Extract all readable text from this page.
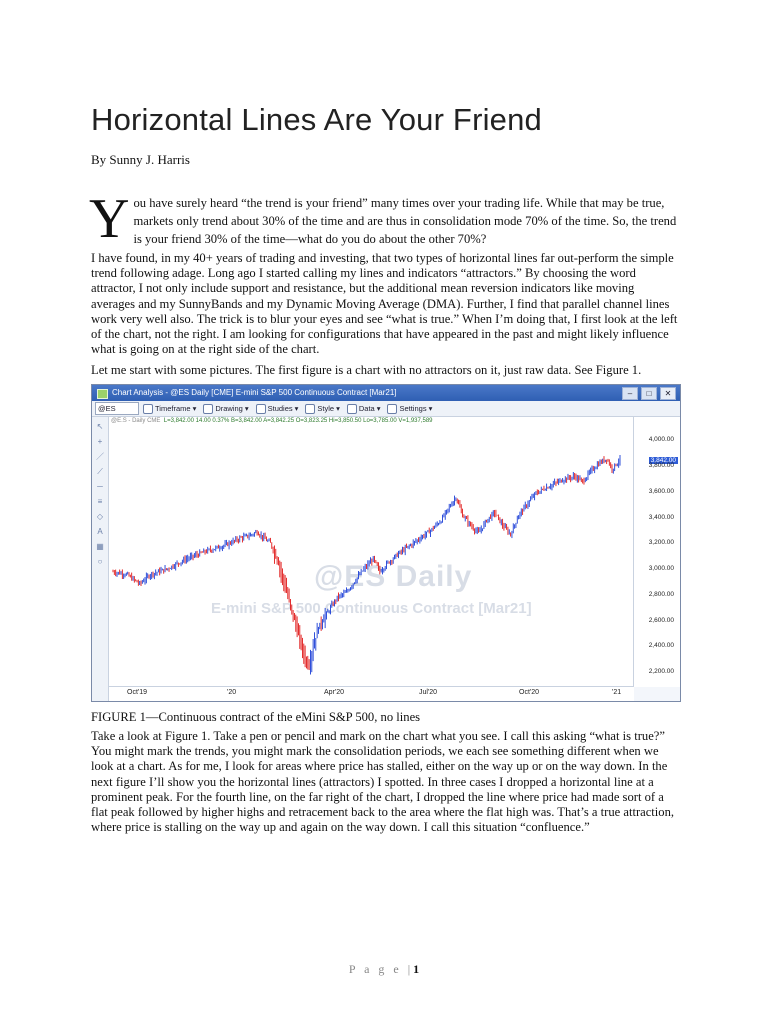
Horizontal Lines Are Your Friend
By Sunny J. Harris
Y ou have surely heard “the trend is your friend” many times over your trading life. While that may be true, markets only trend about 30% of the time and are thus in consolidation mode 70% of the time. So, the trend is your friend 30% of the time—what do you do about the other 70%?

I have found, in my 40+ years of trading and investing, that two types of horizontal lines far out-perform the simple trend following adage. Long ago I started calling my lines and indicators “attractors.” By choosing the word attractor, I not only include support and resistance, but the additional mean reversion indicators like moving averages and my SunnyBands and my Dynamic Moving Average (DMA). Further, I find that parallel channel lines work very well also. The trick is to blur your eyes and see “what is true.” When I’m doing that, I first look at the left of the chart, not the right. I am looking for configurations that have appeared in the past and might likely influence what is going on at the right side of the chart.

Let me start with some pictures. The first figure is a chart with no attractors on it, just raw data. See Figure 1.

Chart Analysis - @ES Daily [CME] E-mini S&P 500 Continuous Contract [Mar21]	–	□	✕
@ES	Timeframe ▾	Drawing ▾	Studies ▾	Style ▾	Data ▾	Settings ▾
↖
+
／
⟋
─
≡
◇
A
▦
○	@ES Daily
E-mini S&P 500 Continuous Contract [Mar21]
@E.S - Daily CME L=3,842.00 14.00 0.37% B=3,842.00 A=3,842.25 O=3,823.25 Hi=3,850.50 Lo=3,785.00 V=1,937,589
3,842.00
4,000.00
3,800.00
3,600.00
3,400.00
3,200.00
3,000.00
2,800.00
2,600.00
2,400.00
2,200.00
Oct'19	'20	Apr'20	Jul'20	Oct'20	'21
FIGURE 1—Continuous contract of the eMini S&P 500, no lines

Take a look at Figure 1. Take a pen or pencil and mark on the chart what you see. I call this asking “what is true?” You might mark the trends, you might mark the consolidation periods, we each see something different when we look at a chart. As for me, I look for areas where price has stalled, either on the way up or on the way down. In the next figure I’ll show you the horizontal lines (attractors) I spotted. In three cases I dropped a horizontal line at a prominent peak. For the fourth line, on the far right of the chart, I dropped the line where price had made sort of a flat peak followed by higher highs and retracement back to the area where the flat high was. That’s a true attraction, where price is stalling on the way up and again on the way down. I call this situation “confluence.”

P a g e |1
